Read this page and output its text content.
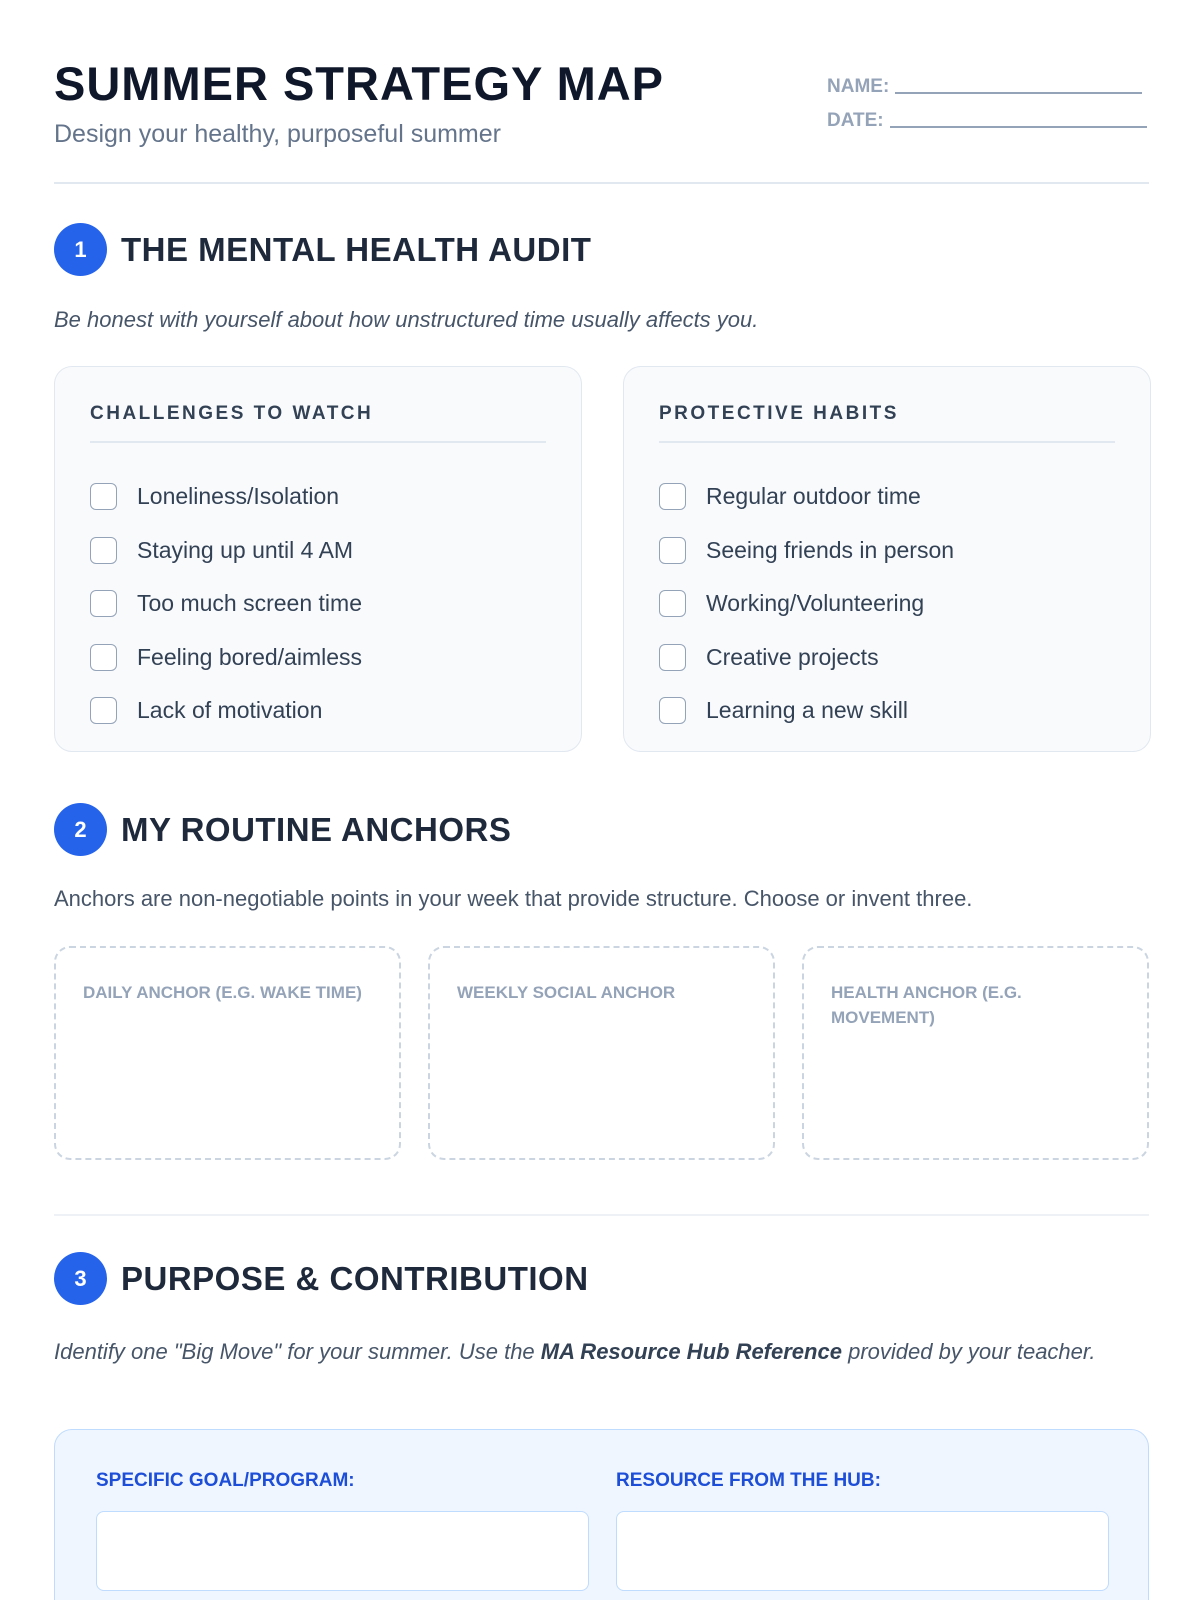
SUMMER STRATEGY MAP
Design your healthy, purposeful summer
NAME:
DATE:
1	THE MENTAL HEALTH AUDIT
Be honest with yourself about how unstructured time usually affects you.
CHALLENGES TO WATCH
Loneliness/Isolation
Staying up until 4 AM
Too much screen time
Feeling bored/aimless
Lack of motivation
PROTECTIVE HABITS
Regular outdoor time
Seeing friends in person
Working/Volunteering
Creative projects
Learning a new skill
2	MY ROUTINE ANCHORS
Anchors are non-negotiable points in your week that provide structure. Choose or invent three.
DAILY ANCHOR (E.G. WAKE TIME)	WEEKLY SOCIAL ANCHOR	HEALTH ANCHOR (E.G. MOVEMENT)
3	PURPOSE & CONTRIBUTION
Identify one "Big Move" for your summer. Use the MA Resource Hub Reference provided by your teacher.
SPECIFIC GOAL/PROGRAM:	RESOURCE FROM THE HUB:
